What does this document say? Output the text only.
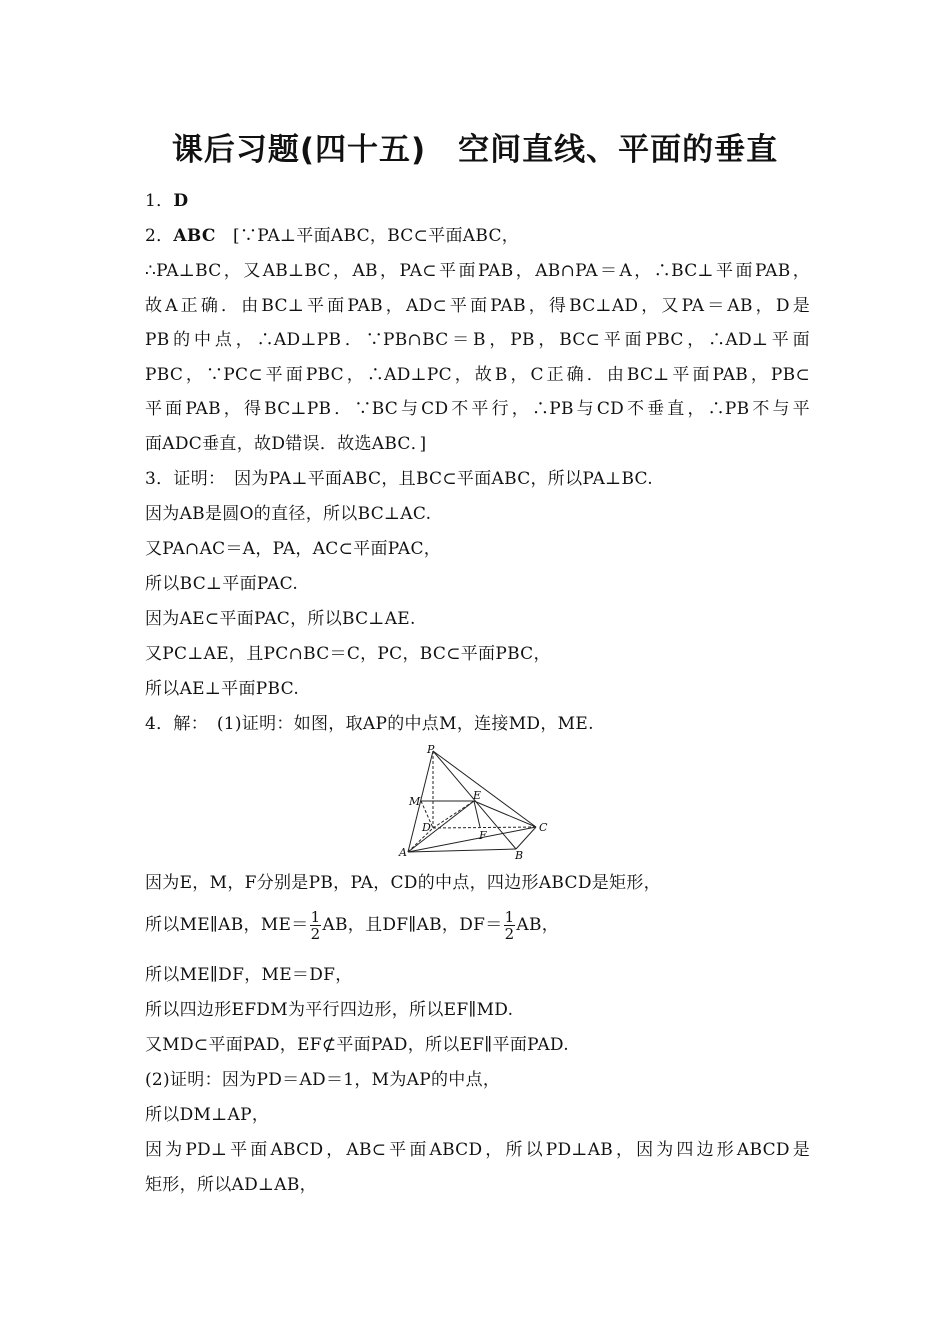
课后习题(四十五)　空间直线、平面的垂直
1．D
2．ABC　[∵PA⊥平面ABC，BC⊂平面ABC，
∴PA⊥BC，又AB⊥BC，AB，PA⊂平面PAB，AB∩PA＝A，∴BC⊥平面PAB，
故A正确．由BC⊥平面PAB，AD⊂平面PAB，得BC⊥AD，又PA＝AB，D是
PB的中点，∴AD⊥PB．∵PB∩BC＝B，PB，BC⊂平面PBC，∴AD⊥平面
PBC，∵PC⊂平面PBC，∴AD⊥PC，故B，C正确．由BC⊥平面PAB，PB⊂
平面PAB，得BC⊥PB．∵BC与CD不平行，∴PB与CD不垂直，∴PB不与平
面ADC垂直，故D错误．故选ABC．]
3．证明：　因为PA⊥平面ABC，且BC⊂平面ABC，所以PA⊥BC.
因为AB是圆O的直径，所以BC⊥AC.
又PA∩AC＝A，PA，AC⊂平面PAC，
所以BC⊥平面PAC.
因为AE⊂平面PAC，所以BC⊥AE.
又PC⊥AE，且PC∩BC＝C，PC，BC⊂平面PBC，
所以AE⊥平面PBC.
4．解：　(1)证明：如图，取AP的中点M，连接MD，ME.
P
M	E
D
F
C
A	B
因为E，M，F分别是PB，PA，CD的中点，四边形ABCD是矩形，
所以ME∥AB，$ME= \frac{1}{2}$ AB，且DF∥AB，$DF= \frac{1}{2}$ AB，
所以ME∥DF，ME＝DF，
所以四边形EFDM为平行四边形，所以EF∥MD.
又MD⊂平面PAD，EF⊄平面PAD，所以EF∥平面PAD.
(2)证明：因为PD＝AD＝1，M为AP的中点，
所以DM⊥AP，
因为PD⊥平面ABCD，AB⊂平面ABCD，所以PD⊥AB，因为四边形ABCD是
矩形，所以AD⊥AB，
